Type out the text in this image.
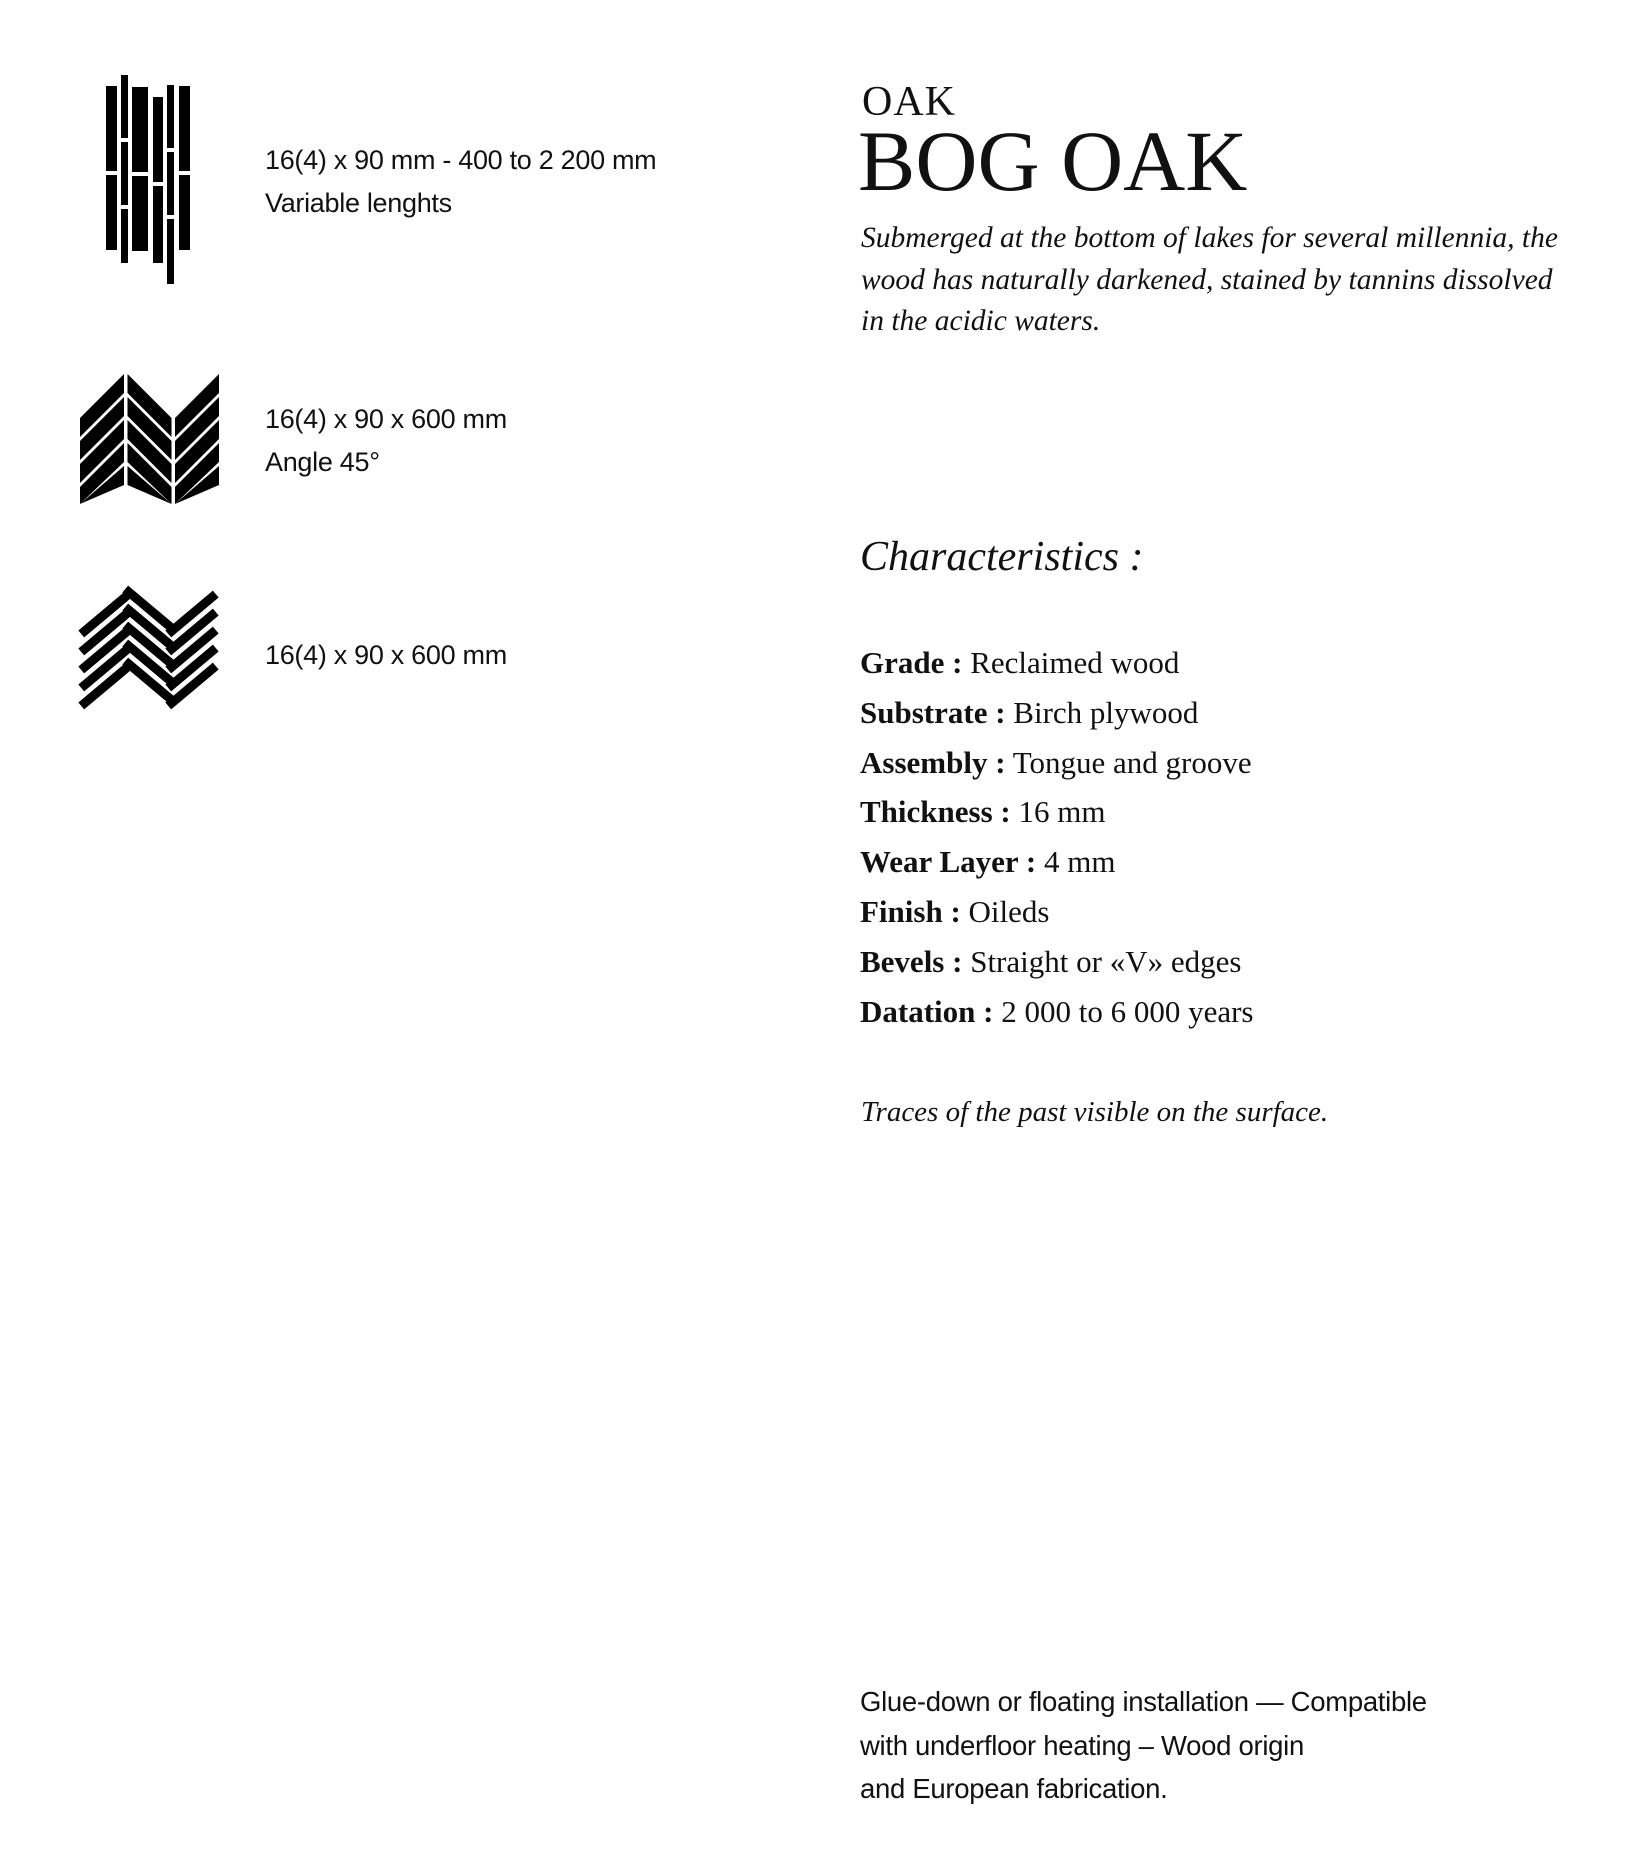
16(4) x 90 mm - 400 to 2 200 mm
Variable lenghts
16(4) x 90 x 600 mm
Angle 45°
16(4) x 90 x 600 mm
OAK
BOG OAK
Submerged at the bottom of lakes for several millennia, the wood has naturally darkened, stained by tannins dissolved in the acidic waters.
Characteristics :
Grade : Reclaimed wood
Substrate : Birch plywood
Assembly : Tongue and groove
Thickness : 16 mm
Wear Layer : 4 mm
Finish : Oileds
Bevels : Straight or «V» edges
Datation : 2 000 to 6 000 years
Traces of the past visible on the surface.
Glue-down or floating installation — Compatible
with underfloor heating – Wood origin
and European fabrication.
